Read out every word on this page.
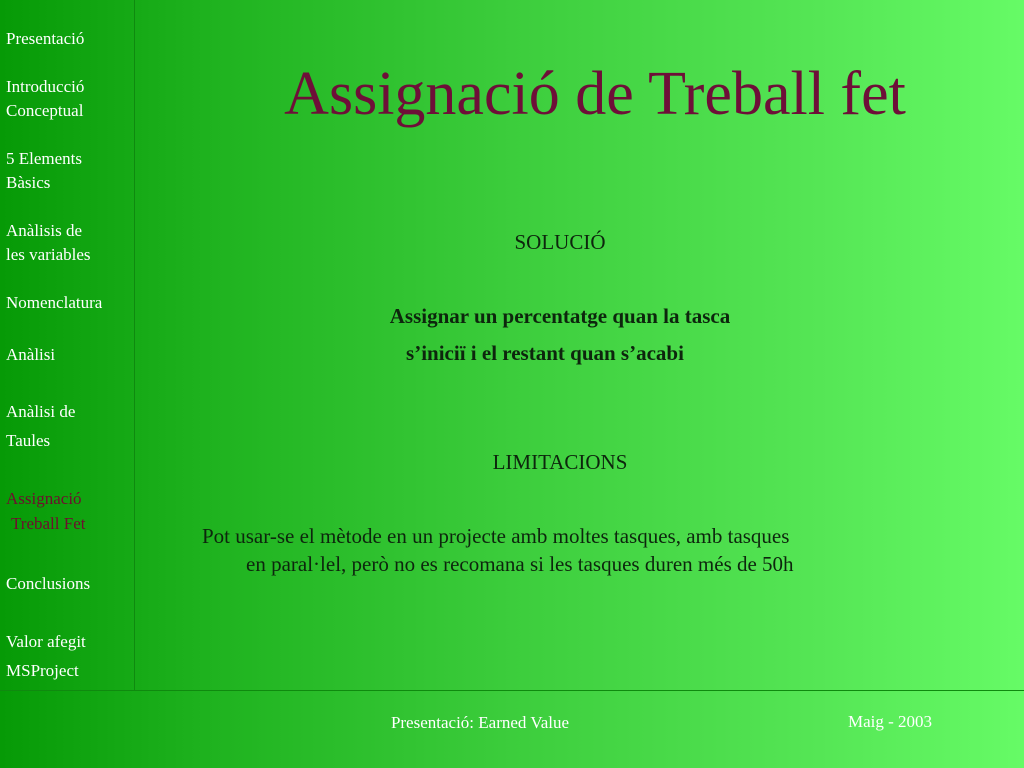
Presentació
Introducció
Conceptual
5 Elements
Bàsics
Anàlisis de
les variables
Nomenclatura
Anàlisi
Anàlisi de
Taules
Assignació
Treball Fet
Conclusions
Valor afegit
MSProject
Assignació de Treball fet
SOLUCIÓ
Assignar un percentatge quan la tasca
s’iniciï i el restant quan s’acabi
LIMITACIONS
Pot usar-se el mètode en un projecte amb moltes tasques, amb tasques
en paral·lel, però no es recomana si les tasques duren més de 50h
Presentació: Earned Value	Maig - 2003
